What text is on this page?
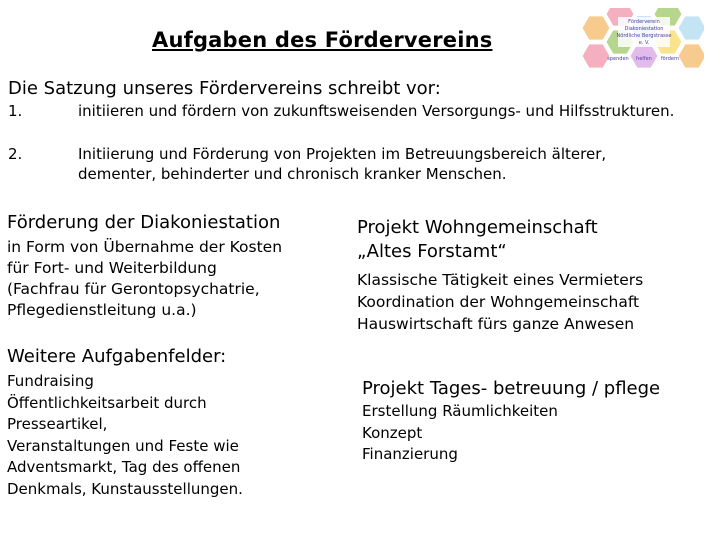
Aufgaben des Fördervereins
Förderverein
Diakoniestation
Nördliche Bergstrasse
e. V.
spenden helfen fördern

Die Satzung unseres Fördervereins schreibt vor:

1.	initiieren und fördern von zukunftsweisenden Versorgungs- und Hilfsstrukturen.

2.	Initiierung und Förderung von Projekten im Betreuungsbereich älterer, dementer, behinderter und chronisch kranker Menschen.

Förderung der Diakoniestation
in Form von Übernahme der Kosten
für Fort- und Weiterbildung
(Fachfrau für Gerontopsychatrie,
Pflegedienstleitung u.a.)
Projekt Wohngemeinschaft
„Altes Forstamt“
Klassische Tätigkeit eines Vermieters
Koordination der Wohngemeinschaft
Hauswirtschaft fürs ganze Anwesen
Weitere Aufgabenfelder:
Fundraising
Öffentlichkeitsarbeit durch
Presseartikel,
Veranstaltungen und Feste wie
Adventsmarkt, Tag des offenen
Denkmals, Kunstausstellungen.
Projekt Tages- betreuung / pflege
Erstellung Räumlichkeiten
Konzept
Finanzierung
